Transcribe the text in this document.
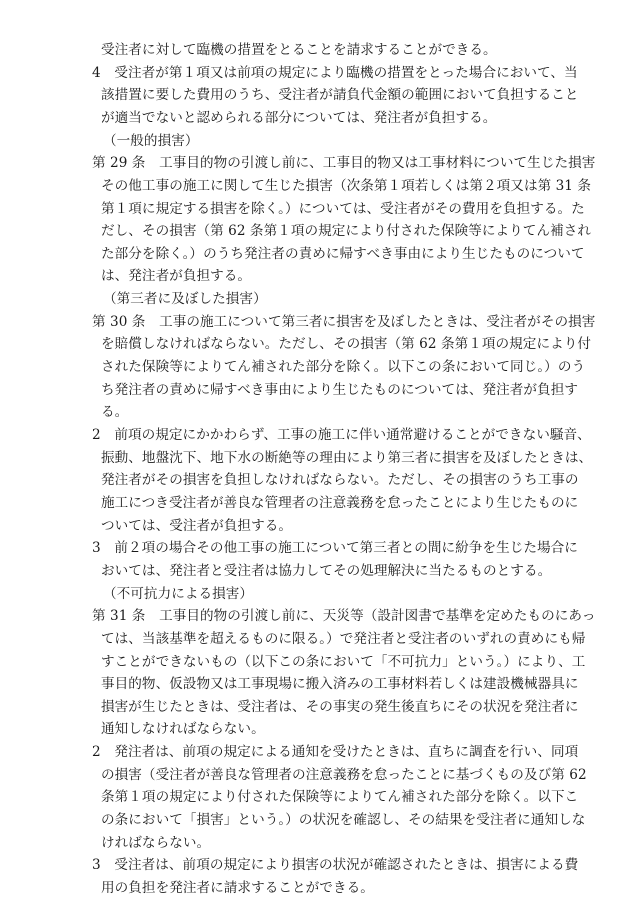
受注者に対して臨機の措置をとることを請求することができる。
4　受注者が第１項又は前項の規定により臨機の措置をとった場合において、当
該措置に要した費用のうち、受注者が請負代金額の範囲において負担すること
が適当でないと認められる部分については、発注者が負担する。
（一般的損害）
第 29 条　工事目的物の引渡し前に、工事目的物又は工事材料について生じた損害
その他工事の施工に関して生じた損害（次条第１項若しくは第２項又は第 31 条
第１項に規定する損害を除く。）については、受注者がその費用を負担する。た
だし、その損害（第 62 条第１項の規定により付された保険等によりてん補され
た部分を除く。）のうち発注者の責めに帰すべき事由により生じたものについて
は、発注者が負担する。
（第三者に及ぼした損害）
第 30 条　工事の施工について第三者に損害を及ぼしたときは、受注者がその損害
を賠償しなければならない。ただし、その損害（第 62 条第１項の規定により付
された保険等によりてん補された部分を除く。以下この条において同じ。）のう
ち発注者の責めに帰すべき事由により生じたものについては、発注者が負担す
る。
2　前項の規定にかかわらず、工事の施工に伴い通常避けることができない騒音、
振動、地盤沈下、地下水の断絶等の理由により第三者に損害を及ぼしたときは、
発注者がその損害を負担しなければならない。ただし、その損害のうち工事の
施工につき受注者が善良な管理者の注意義務を怠ったことにより生じたものに
ついては、受注者が負担する。
3　前２項の場合その他工事の施工について第三者との間に紛争を生じた場合に
おいては、発注者と受注者は協力してその処理解決に当たるものとする。
（不可抗力による損害）
第 31 条　工事目的物の引渡し前に、天災等（設計図書で基準を定めたものにあっ
ては、当該基準を超えるものに限る。）で発注者と受注者のいずれの責めにも帰
すことができないもの（以下この条において「不可抗力」という。）により、工
事目的物、仮設物又は工事現場に搬入済みの工事材料若しくは建設機械器具に
損害が生じたときは、受注者は、その事実の発生後直ちにその状況を発注者に
通知しなければならない。
2　発注者は、前項の規定による通知を受けたときは、直ちに調査を行い、同項
の損害（受注者が善良な管理者の注意義務を怠ったことに基づくもの及び第 62
条第１項の規定により付された保険等によりてん補された部分を除く。以下こ
の条において「損害」という。）の状況を確認し、その結果を受注者に通知しな
ければならない。
3　受注者は、前項の規定により損害の状況が確認されたときは、損害による費
用の負担を発注者に請求することができる。
